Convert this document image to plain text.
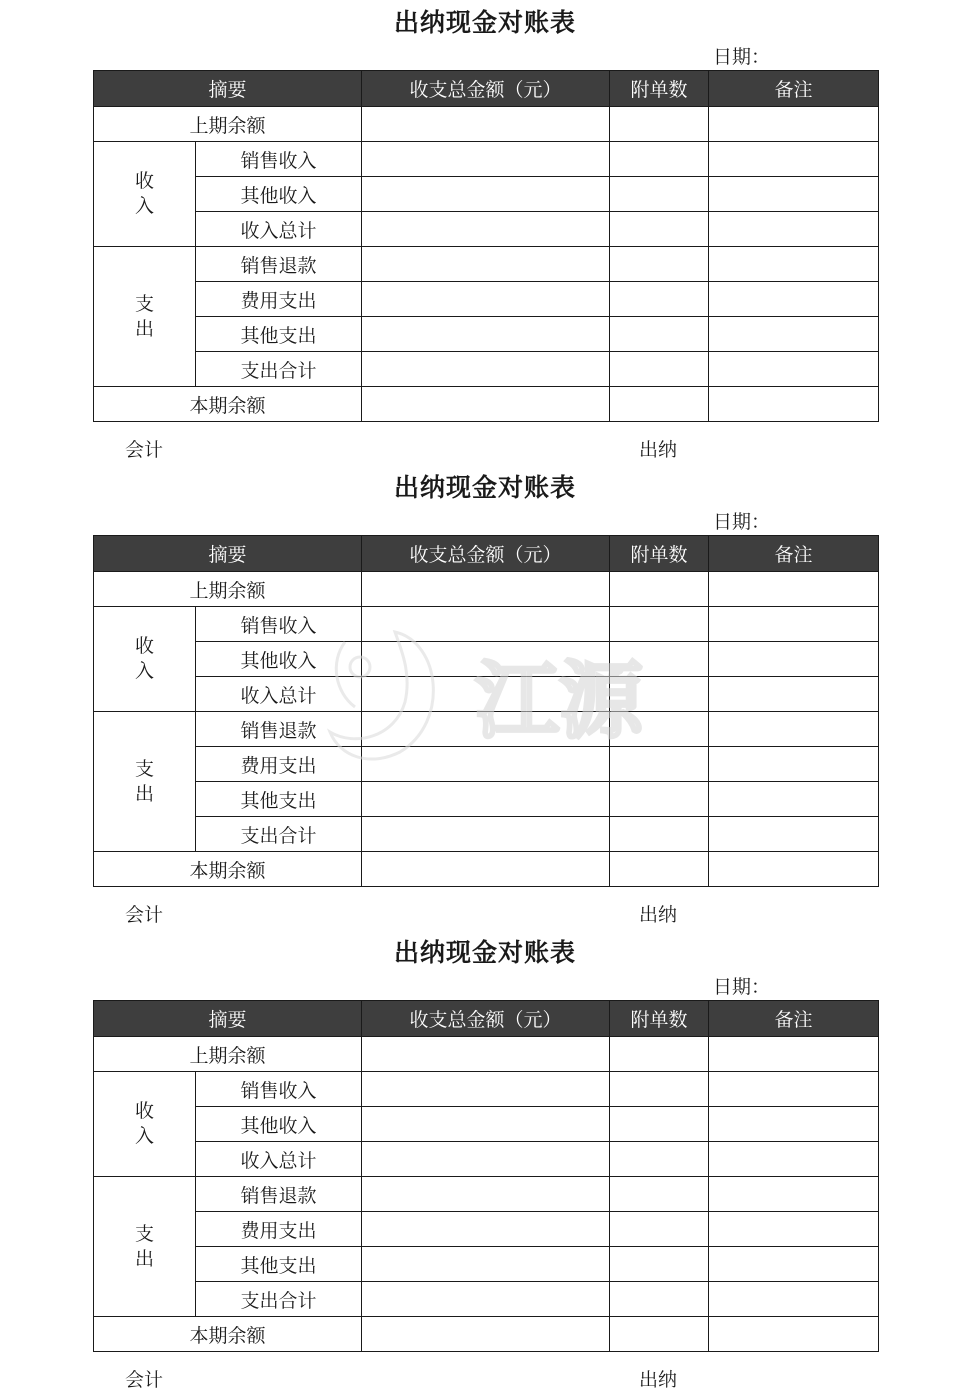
出纳现金对账表
日期：
摘要		收支总金额（元）	附单数	备注
上期余额				
收
入	销售收入			
	其他收入			
	收入总计			
支
出	销售退款			
	费用支出			
	其他支出			
	支出合计			
本期余额				
会计	出纳
出纳现金对账表
日期：
摘要		收支总金额（元）	附单数	备注
上期余额				
收
入	销售收入			
	其他收入			
	收入总计			
支
出	销售退款			
	费用支出			
	其他支出			
	支出合计			
本期余额				
会计	出纳
出纳现金对账表
日期：
摘要		收支总金额（元）	附单数	备注
上期余额				
收
入	销售收入			
	其他收入			
	收入总计			
支
出	销售退款			
	费用支出			
	其他支出			
	支出合计			
本期余额				
会计	出纳
江源
